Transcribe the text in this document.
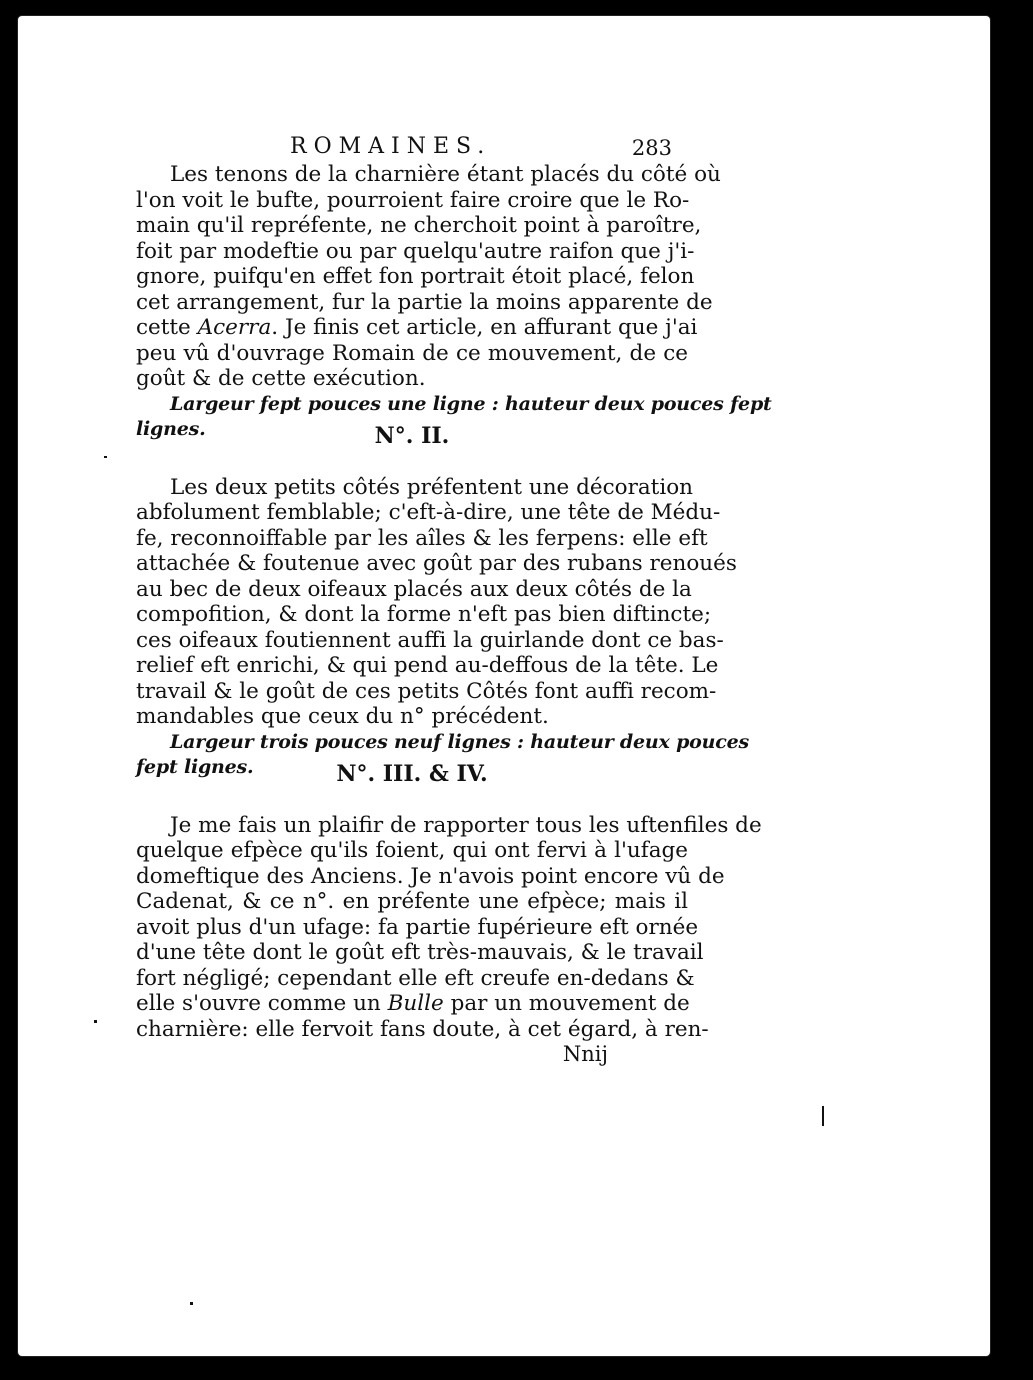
ROMAINES.	283
Les tenons de la charnière étant placés du côté où
l'on voit le bufte, pourroient faire croire que le Ro-
main qu'il repréfente, ne cherchoit point à paroître,
foit par modeftie ou par quelqu'autre raifon que j'i-
gnore, puifqu'en effet fon portrait étoit placé, felon
cet arrangement, fur la partie la moins apparente de
cette Acerra. Je finis cet article, en affurant que j'ai
peu vû d'ouvrage Romain de ce mouvement, de ce
goût & de cette exécution.
Largeur fept pouces une ligne : hauteur deux pouces fept
lignes.	N°. II.
Les deux petits côtés préfentent une décoration
abfolument femblable; c'eft-à-dire, une tête de Médu-
fe, reconnoiffable par les aîles & les ferpens: elle eft
attachée & foutenue avec goût par des rubans renoués
au bec de deux oifeaux placés aux deux côtés de la
compofition, & dont la forme n'eft pas bien diftincte;
ces oifeaux foutiennent auffi la guirlande dont ce bas-
relief eft enrichi, & qui pend au-deffous de la tête. Le
travail & le goût de ces petits Côtés font auffi recom-
mandables que ceux du n° précédent.
Largeur trois pouces neuf lignes : hauteur deux pouces
fept lignes.	N°. III. & IV.
Je me fais un plaifir de rapporter tous les uftenfiles de
quelque efpèce qu'ils foient, qui ont fervi à l'ufage
domeftique des Anciens. Je n'avois point encore vû de
Cadenat, & ce n°. en préfente une efpèce; mais il
avoit plus d'un ufage: fa partie fupérieure eft ornée
d'une tête dont le goût eft très-mauvais, & le travail
fort négligé; cependant elle eft creufe en-dedans &
elle s'ouvre comme un Bulle par un mouvement de
charnière: elle fervoit fans doute, à cet égard, à ren-
Nnij
